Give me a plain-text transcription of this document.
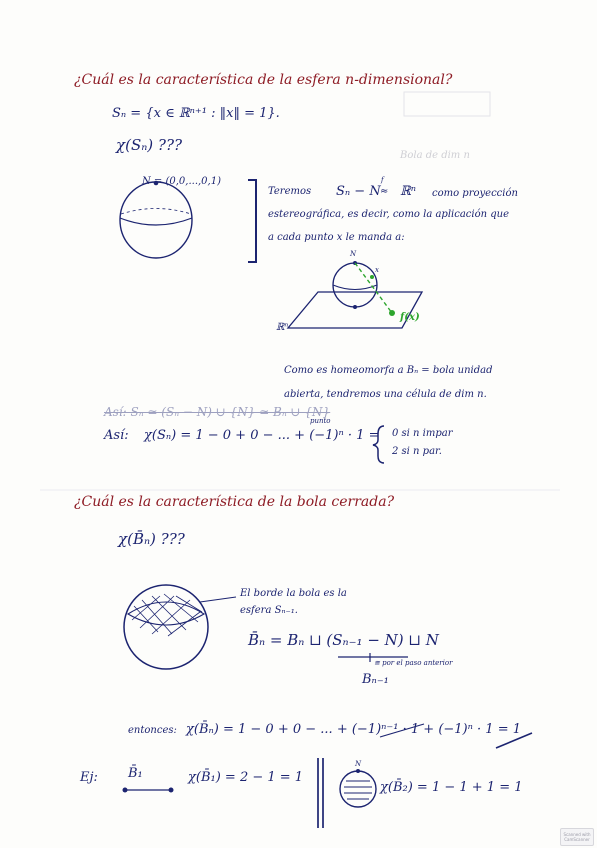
¿Cuál es la característica de la esfera n-dimensional?
Sₙ = {x ∈ ℝⁿ⁺¹ : ‖x‖ = 1}.
χ(Sₙ) ???
Bola de dim n
N = (0,0,...,0,1)
Teremos Sₙ − N
f
≈ ℝⁿ como proyección
estereográfica, es decir, como la aplicación que
a cada punto x le manda a:
N
x
f(x)
ℝⁿ
Como es homeomorfa a Bₙ = bola unidad
abierta, tendremos una célula de dim n.
Así: Sₙ ≃ (Sₙ − N) ∪ {N} ≃ Bₙ ∪ {N}
punto
Así: χ(Sₙ) = 1 − 0 + 0 − ... + (−1)ⁿ · 1 = 0 si n impar
2 si n par.
¿Cuál es la característica de la bola cerrada?
χ(B̄ₙ) ???
El borde la bola es la
esfera Sₙ₋₁.
B̄ₙ = Bₙ ⊔ (Sₙ₋₁ − N) ⊔ N
≅ por el paso anterior
Bₙ₋₁
entonces: χ(B̄ₙ) = 1 − 0 + 0 − ... + (−1)ⁿ⁻¹ · 1 + (−1)ⁿ · 1 = 1
Ej: B̄₁	χ(B̄₁) = 2 − 1 = 1
N
χ(B̄₂) = 1 − 1 + 1 = 1
Scanned with
CamScanner
